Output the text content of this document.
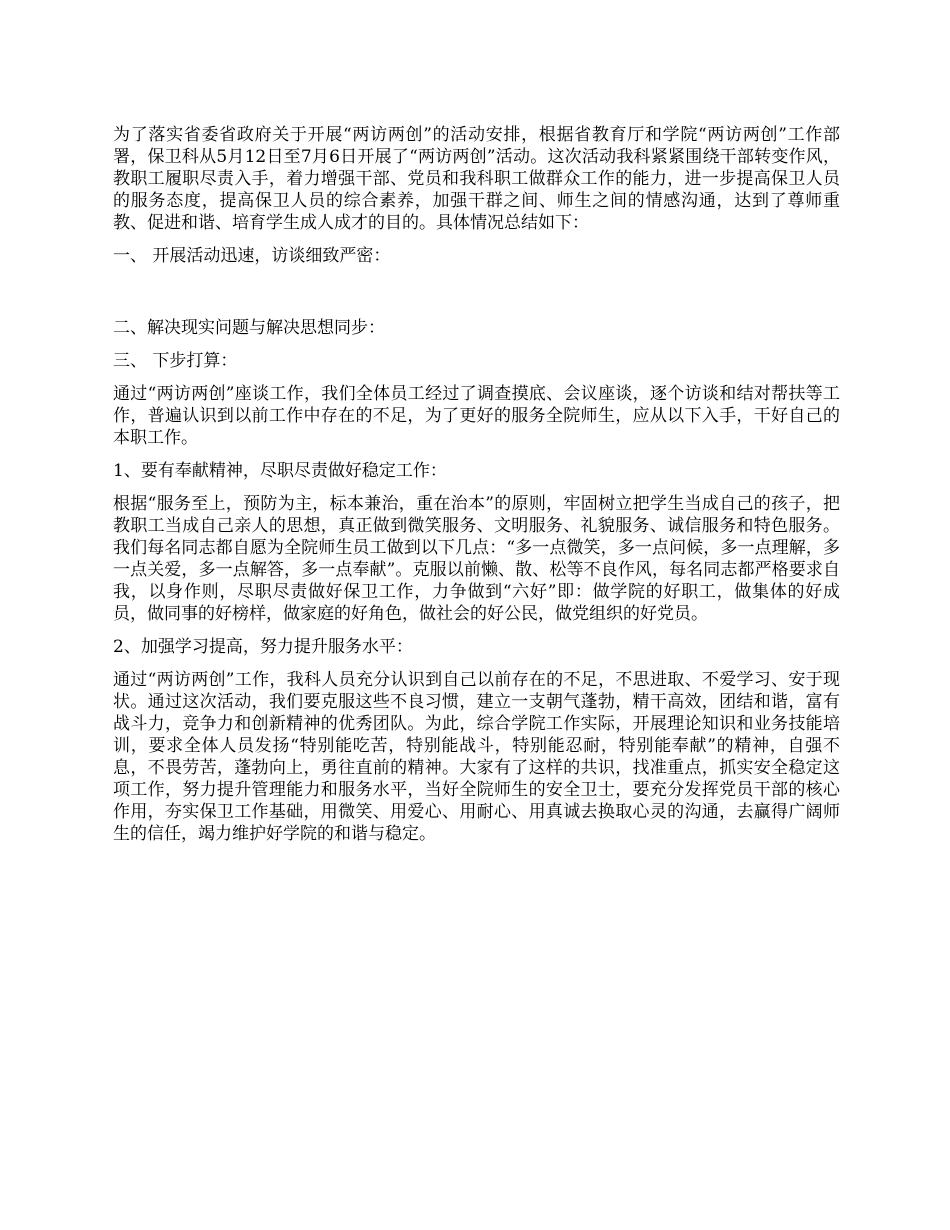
为了落实省委省政府关于开展“两访两创”的活动安排，根据省教育厅和学院“两访两创”工作部署，保卫科从5月12日至7月6日开展了“两访两创”活动。这次活动我科紧紧围绕干部转变作风，教职工履职尽责入手，着力增强干部、党员和我科职工做群众工作的能力，进一步提高保卫人员的服务态度，提高保卫人员的综合素养，加强干群之间、师生之间的情感沟通，达到了尊师重教、促进和谐、培育学生成人成才的目的。具体情况总结如下：

一、 开展活动迅速，访谈细致严密：

二、解决现实问题与解决思想同步：

三、 下步打算：

通过“两访两创”座谈工作，我们全体员工经过了调查摸底、会议座谈，逐个访谈和结对帮扶等工作，普遍认识到以前工作中存在的不足，为了更好的服务全院师生，应从以下入手，干好自己的本职工作。

1、要有奉献精神，尽职尽责做好稳定工作：

根据“服务至上，预防为主，标本兼治，重在治本”的原则，牢固树立把学生当成自己的孩子，把教职工当成自己亲人的思想，真正做到微笑服务、文明服务、礼貌服务、诚信服务和特色服务。我们每名同志都自愿为全院师生员工做到以下几点：“多一点微笑，多一点问候，多一点理解，多一点关爱，多一点解答，多一点奉献”。克服以前懒、散、松等不良作风，每名同志都严格要求自我，以身作则，尽职尽责做好保卫工作，力争做到“六好”即：做学院的好职工，做集体的好成员，做同事的好榜样，做家庭的好角色，做社会的好公民，做党组织的好党员。

2、加强学习提高，努力提升服务水平：

通过“两访两创”工作，我科人员充分认识到自己以前存在的不足，不思进取、不爱学习、安于现状。通过这次活动，我们要克服这些不良习惯，建立一支朝气蓬勃，精干高效，团结和谐，富有战斗力，竞争力和创新精神的优秀团队。为此，综合学院工作实际，开展理论知识和业务技能培训，要求全体人员发扬“特别能吃苦，特别能战斗，特别能忍耐，特别能奉献”的精神，自强不息，不畏劳苦，蓬勃向上，勇往直前的精神。大家有了这样的共识，找准重点，抓实安全稳定这项工作，努力提升管理能力和服务水平，当好全院师生的安全卫士，要充分发挥党员干部的核心作用，夯实保卫工作基础，用微笑、用爱心、用耐心、用真诚去换取心灵的沟通，去赢得广阔师生的信任，竭力维护好学院的和谐与稳定。
